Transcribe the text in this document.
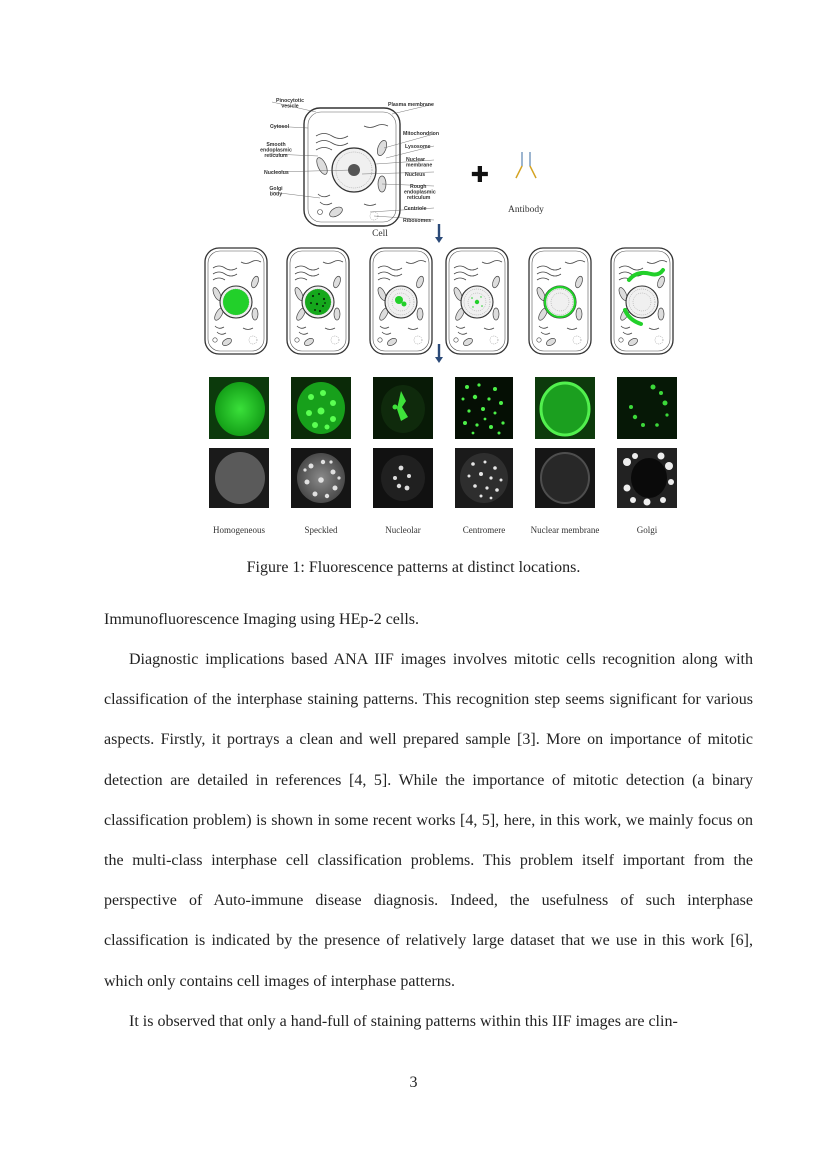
Pinocytotic vesicle
Cytosol
Smooth endoplasmic reticulum
Nucleolus
Golgi body
Plasma membrane
Mitochondrion
Lysosome
Nuclear membrane
Nucleus
Rough endoplasmic reticulum
Centriole
Ribosomes
Cell
✚
Antibody
Homogeneous	Speckled	Nucleolar	Centromere	Nuclear membrane	Golgi
Figure 1: Fluorescence patterns at distinct locations.

Immunofluorescence Imaging using HEp-2 cells.

Diagnostic implications based ANA IIF images involves mitotic cells recognition along with classification of the interphase staining patterns. This recognition step seems significant for various aspects. Firstly, it portrays a clean and well prepared sample [3]. More on importance of mitotic detection are detailed in references [4, 5]. While the importance of mitotic detection (a binary classification problem) is shown in some recent works [4, 5], here, in this work, we mainly focus on the multi-class interphase cell classification problems. This problem itself important from the perspective of Auto-immune disease diagnosis. Indeed, the usefulness of such interphase classification is indicated by the presence of relatively large dataset that we use in this work [6], which only contains cell images of interphase patterns.

It is observed that only a hand-full of staining patterns within this IIF images are clin-

3
